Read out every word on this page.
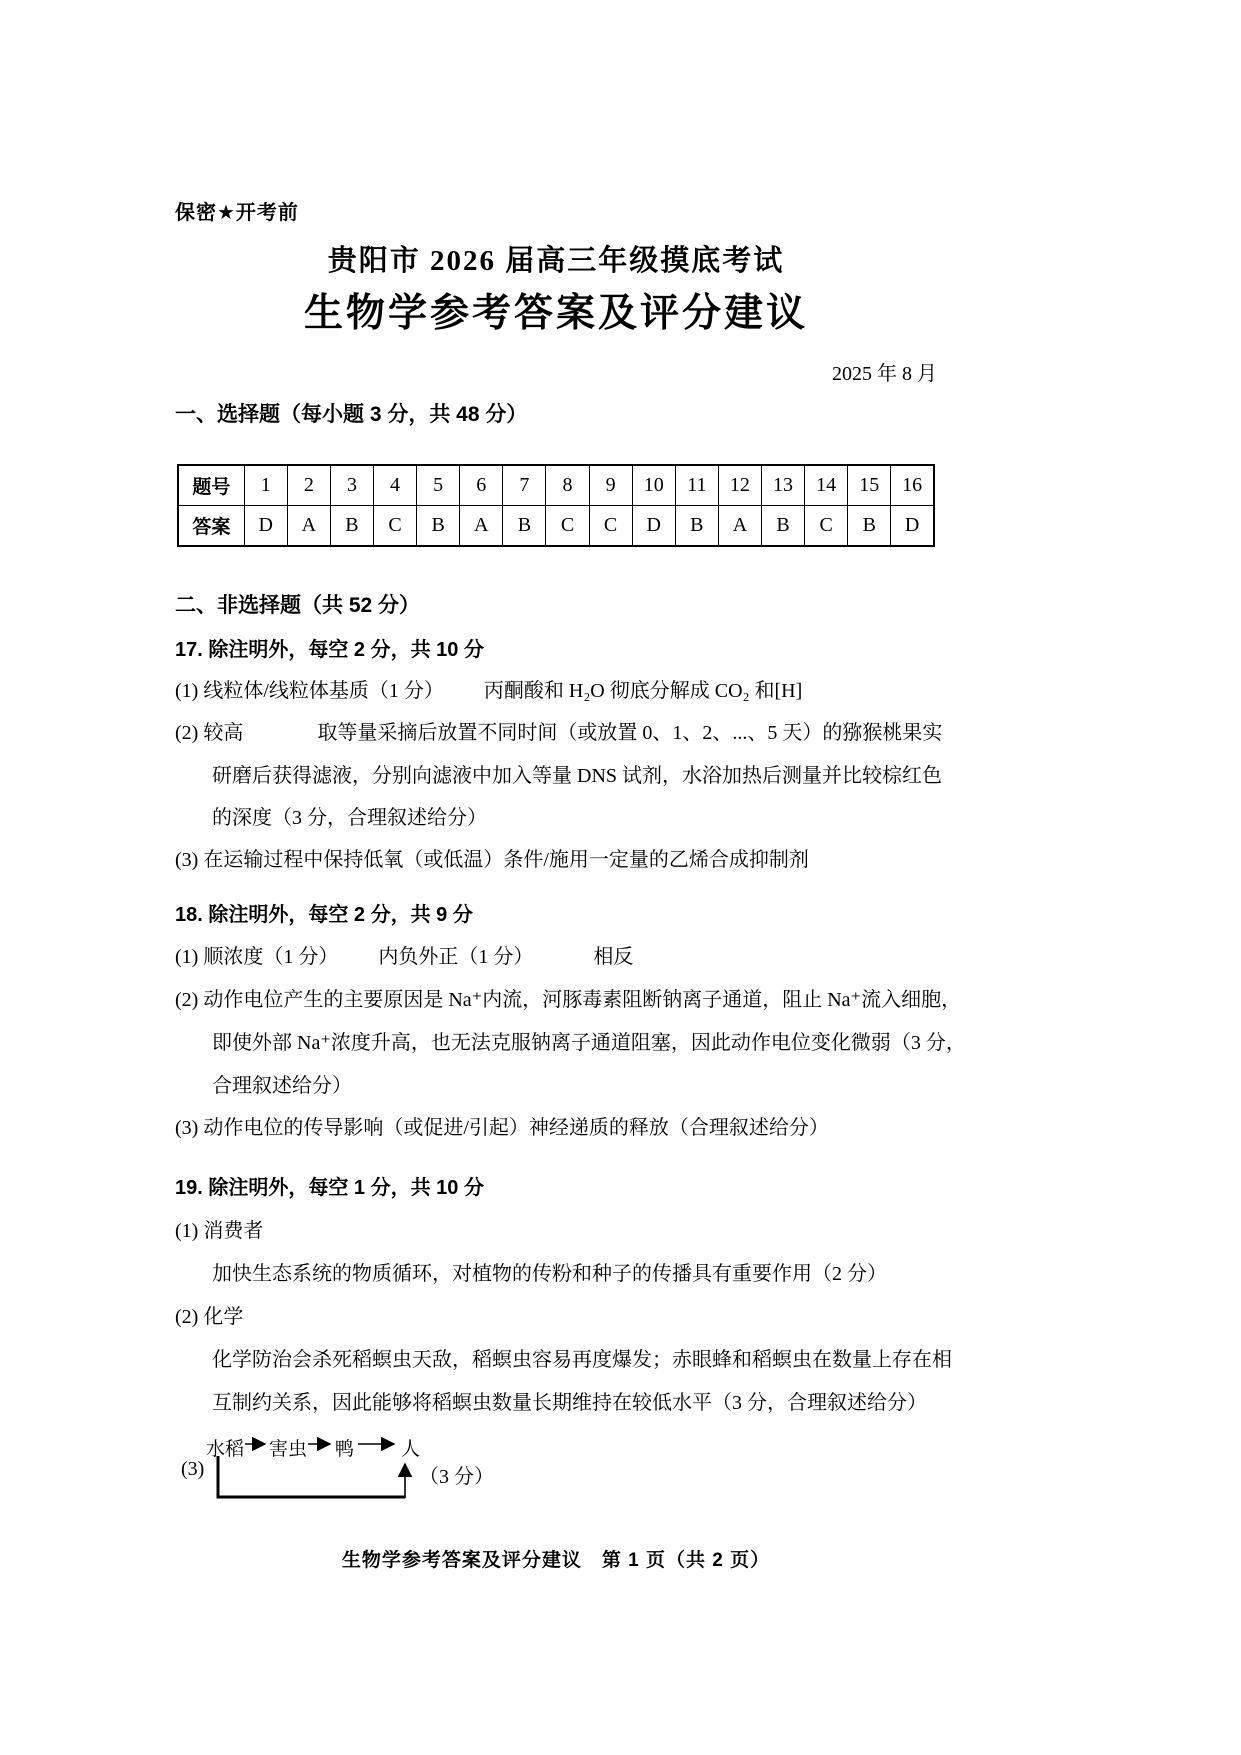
保密★开考前
贵阳市 2026 届高三年级摸底考试
生物学参考答案及评分建议
2025 年 8 月
一、选择题（每小题 3 分，共 48 分）
题号	1	2	3	4	5	6	7	8	9	10	11	12	13	14	15	16
答案	D	A	B	C	B	A	B	C	C	D	B	A	B	C	B	D
二、非选择题（共 52 分）
17. 除注明外，每空 2 分，共 10 分
(1) 线粒体/线粒体基质（1 分） 丙酮酸和 H₂O 彻底分解成 CO₂ 和[H]
(2) 较高	取等量采摘后放置不同时间（或放置 0、1、2、...、5 天）的猕猴桃果实
研磨后获得滤液，分别向滤液中加入等量 DNS 试剂，水浴加热后测量并比较棕红色
的深度（3 分，合理叙述给分）
(3) 在运输过程中保持低氧（或低温）条件/施用一定量的乙烯合成抑制剂
18. 除注明外，每空 2 分，共 9 分
(1) 顺浓度（1 分） 内负外正（1 分）	相反
(2) 动作电位产生的主要原因是 Na⁺内流，河豚毒素阻断钠离子通道，阻止 Na⁺流入细胞，
即使外部 Na⁺浓度升高，也无法克服钠离子通道阻塞，因此动作电位变化微弱（3 分，
合理叙述给分）
(3) 动作电位的传导影响（或促进/引起）神经递质的释放（合理叙述给分）
19. 除注明外，每空 1 分，共 10 分
(1) 消费者
加快生态系统的物质循环，对植物的传粉和种子的传播具有重要作用（2 分）
(2) 化学
化学防治会杀死稻螟虫天敌，稻螟虫容易再度爆发；赤眼蜂和稻螟虫在数量上存在相
互制约关系，因此能够将稻螟虫数量长期维持在较低水平（3 分，合理叙述给分）
生物学参考答案及评分建议　第 1 页（共 2 页）
(3)
水稻 害虫 鸭 人
（3 分）
